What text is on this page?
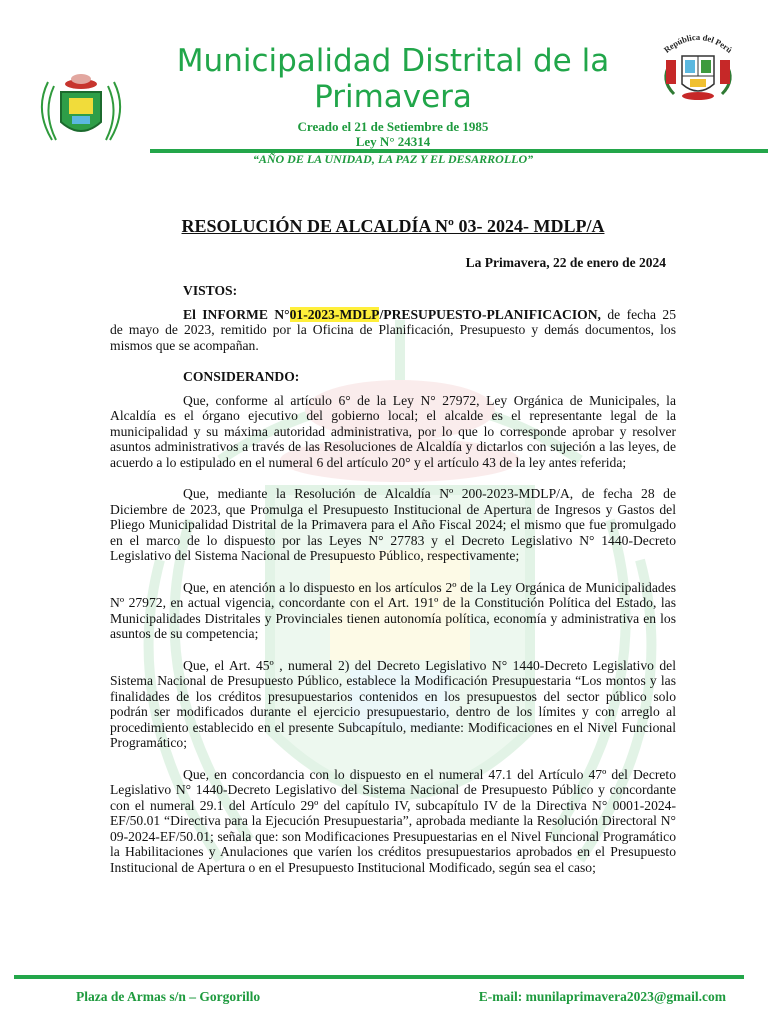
República del Perú
Municipalidad Distrital de la Primavera
Creado el 21 de Setiembre de 1985
Ley N° 24314
“AÑO DE LA UNIDAD, LA PAZ Y EL DESARROLLO”
RESOLUCIÓN DE ALCALDÍA Nº 03- 2024- MDLP/A
La Primavera, 22 de enero de 2024

VISTOS:

El INFORME N°01-2023-MDLP/PRESUPUESTO-PLANIFICACION, de fecha 25 de mayo de 2023, remitido por la Oficina de Planificación, Presupuesto y demás documentos, los mismos que se acompañan.

CONSIDERANDO:

Que, conforme al artículo 6° de la Ley N° 27972, Ley Orgánica de Municipales, la Alcaldía es el órgano ejecutivo del gobierno local; el alcalde es el representante legal de la municipalidad y su máxima autoridad administrativa, por lo que lo corresponde aprobar y resolver asuntos administrativos a través de las Resoluciones de Alcaldía y dictarlos con sujeción a las leyes, de acuerdo a lo estipulado en el numeral 6 del artículo 20° y el artículo 43 de la ley antes referida;

Que, mediante la Resolución de Alcaldía Nº 200-2023-MDLP/A, de fecha 28 de Diciembre de 2023, que Promulga el Presupuesto Institucional de Apertura de Ingresos y Gastos del Pliego Municipalidad Distrital de la Primavera para el Año Fiscal 2024; el mismo que fue promulgado en el marco de lo dispuesto por las Leyes N° 27783 y el Decreto Legislativo N° 1440-Decreto Legislativo del Sistema Nacional de Presupuesto Público, respectivamente;

Que, en atención a lo dispuesto en los artículos 2º de la Ley Orgánica de Municipalidades Nº 27972, en actual vigencia, concordante con el Art. 191º de la Constitución Política del Estado, las Municipalidades Distritales y Provinciales tienen autonomía política, economía y administrativa en los asuntos de su competencia;

Que, el Art. 45º , numeral 2) del Decreto Legislativo N° 1440-Decreto Legislativo del Sistema Nacional de Presupuesto Público, establece la Modificación Presupuestaria “Los montos y las finalidades de los créditos presupuestarios contenidos en los presupuestos del sector público solo podrán ser modificados durante el ejercicio presupuestario, dentro de los límites y con arreglo al procedimiento establecido en el presente Subcapítulo, mediante: Modificaciones en el Nivel Funcional Programático;

Que, en concordancia con lo dispuesto en el numeral 47.1 del Artículo 47º del Decreto Legislativo N° 1440-Decreto Legislativo del Sistema Nacional de Presupuesto Público y concordante con el numeral 29.1 del Artículo 29º del capítulo IV, subcapítulo IV de la Directiva N° 0001-2024-EF/50.01 “Directiva para la Ejecución Presupuestaria”, aprobada mediante la Resolución Directoral N° 09-2024-EF/50.01; señala que: son Modificaciones Presupuestarias en el Nivel Funcional Programático la Habilitaciones y Anulaciones que varíen los créditos presupuestarios aprobados en el Presupuesto Institucional de Apertura o en el Presupuesto Institucional Modificado, según sea el caso;

Plaza de Armas s/n – Gorgorillo	E-mail: munilaprimavera2023@gmail.com
